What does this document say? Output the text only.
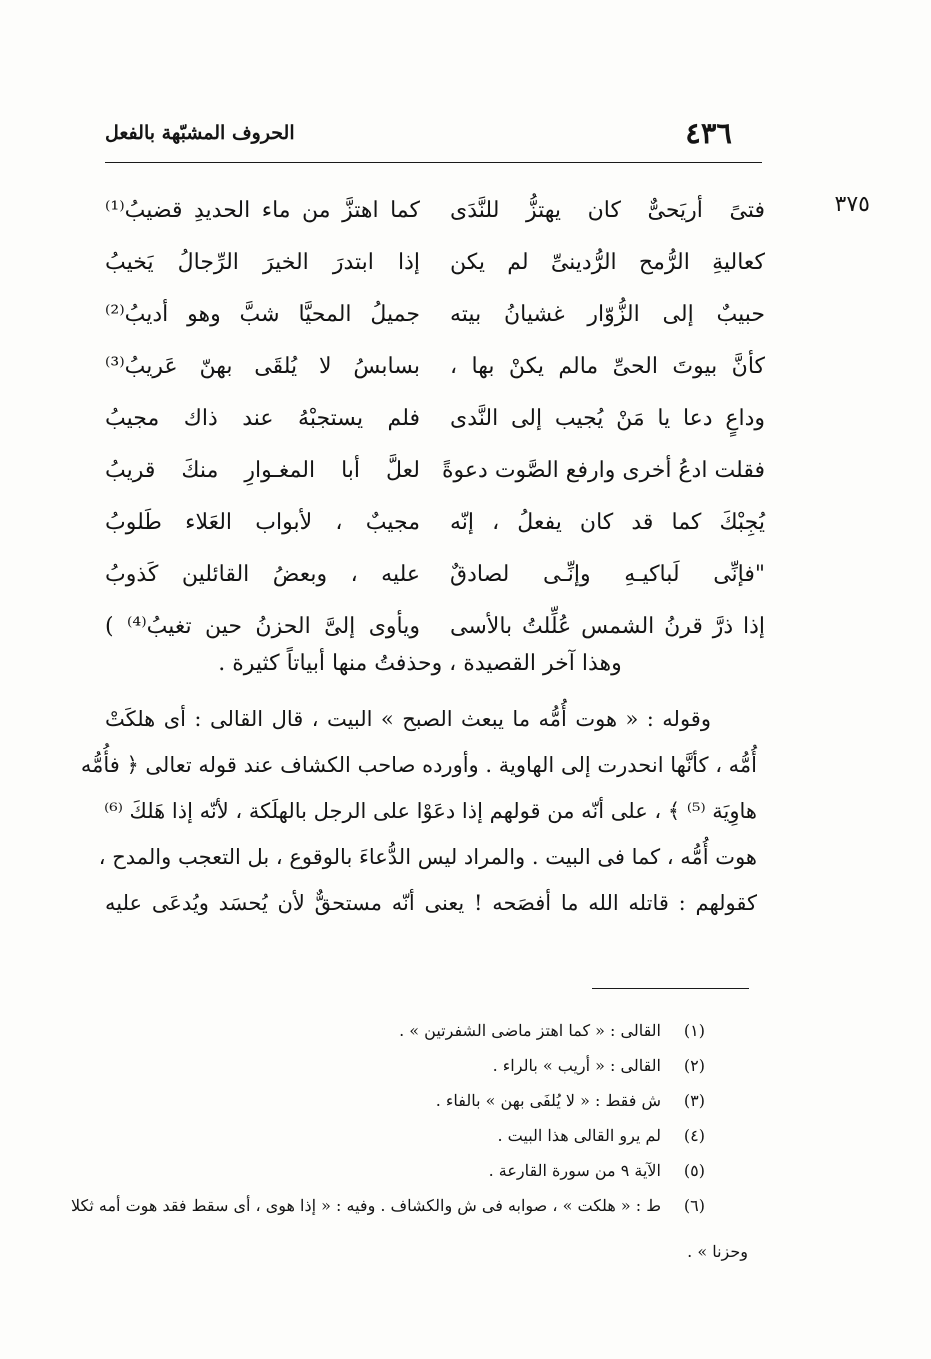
٤٣٦
الحروف المشبّهة بالفعل
٣٧٥
فتىً أريَحىٌّ كان يهتزُّ للنَّدَى
كما اهتزَّ من ماء الحديدِ قضيبُ⁽¹⁾
كعاليةِ الرُّمح الرُّدينىِّ لم يكن
إذا ابتدرَ الخيرَ الرِّجالُ يَخيبُ
حبيبٌ إلى الزُّوّار غشيانُ بيته
جميلُ المحيَّا شبَّ وهو أديبُ⁽²⁾
كأنَّ بيوتَ الحىِّ مالم يكنْ بها ،
بسابسُ لا يُلقَى بهنّ عَريبُ⁽³⁾
وداعٍ دعا يا مَنْ يُجيب إلى النَّدى
فلم يستجبْهُ عند ذاك مجيبُ
فقلت ادعُ أخرى وارفع الصَّوت دعوةً
لعلَّ أبا المغـوارِ منكَ قريبُ
يُجِبْكَ كما قد كان يفعلُ ، إنّه
مجيبٌ ، لأبواب العَلاء طَلوبُ
"فإنِّى لَباكيـهِ وإنِّـى لصادقٌ
عليه ، وبعضُ القائلين كَذوبُ
إذا ذرَّ قرنُ الشمس عُلِّلتُ بالأسى
ويأوى إلىَّ الحزنُ حين تغيبُ⁽⁴⁾ )
وهذا آخر القصيدة ، وحذفتُ منها أبياتاً كثيرة .
وقوله : « هوت أُمُّه ما يبعث الصبح » البيت ، قال القالى : أى هلكَتْ
أُمُّه ، كأنَّها انحدرت إلى الهاوية . وأورده صاحب الكشاف عند قوله تعالى ﴿ فأُمُّه
هاوِيَة ⁽⁵⁾ ﴾ ، على أنّه من قولهم إذا دعَوْا على الرجل بالهلَكة ، لأنّه إذا هَلكَ ⁽⁶⁾
هوت أُمُّه ، كما فى البيت . والمراد ليس الدُّعاءَ بالوقوع ، بل التعجب والمدح ،
كقولهم : قاتله الله ما أفصَحه ! يعنى أنّه مستحقٌّ لأن يُحسَد ويُدعَى عليه
(١)
القالى : « كما اهتز ماضى الشفرتين » .
(٢)
القالى : « أريب » بالراء .
(٣)
ش فقط : « لا يُلفَى بهن » بالفاء .
(٤)
لم يرو القالى هذا البيت .
(٥)
الآية ٩ من سورة القارعة .
(٦)
ط : « هلكت » ، صوابه فى ش والكشاف . وفيه : « إذا هوى ، أى سقط فقد هوت أمه ثكلا
وحزنا » .
